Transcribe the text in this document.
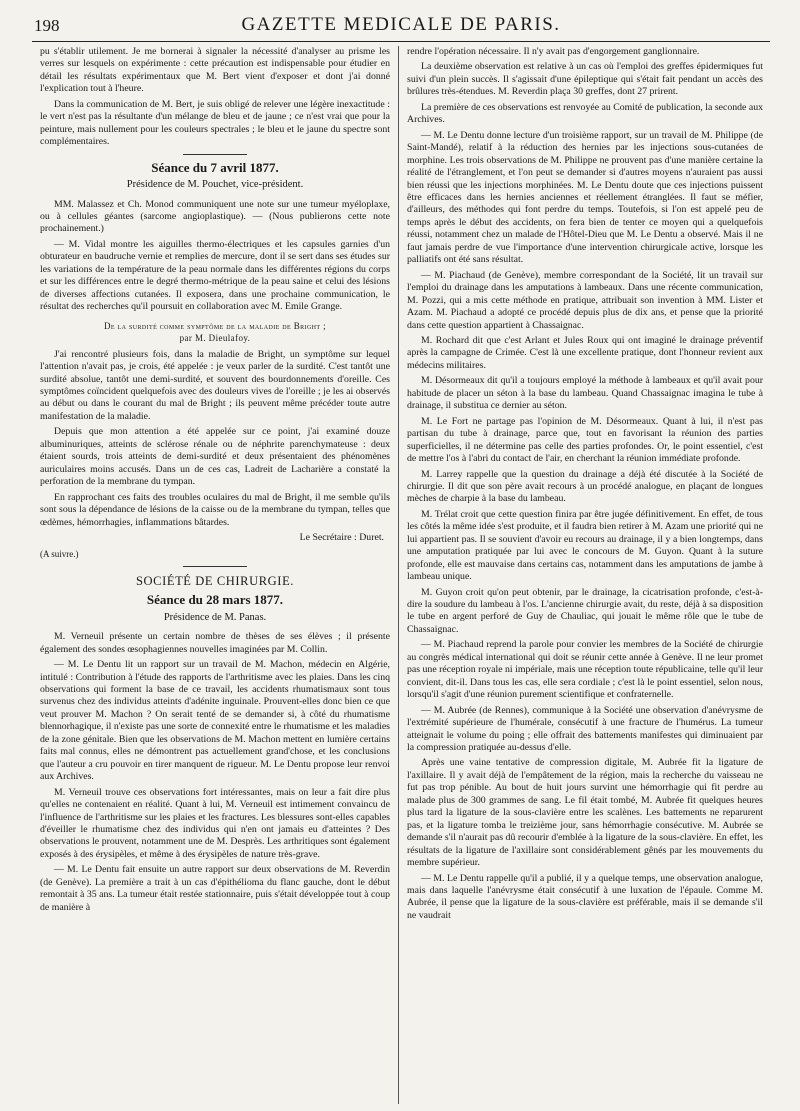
198	GAZETTE MEDICALE DE PARIS.

pu s'établir utilement. Je me bornerai à signaler la nécessité d'analyser au prisme les verres sur lesquels on expérimente : cette précaution est indispensable pour étudier en détail les résultats expérimentaux que M. Bert vient d'exposer et dont j'ai donné l'explication tout à l'heure.

Dans la communication de M. Bert, je suis obligé de relever une légère inexactitude : le vert n'est pas la résultante d'un mélange de bleu et de jaune ; ce n'est vrai que pour la peinture, mais nullement pour les couleurs spectrales ; le bleu et le jaune du spectre sont complémentaires.

Séance du 7 avril 1877.
Présidence de M. Pouchet, vice-président.

MM. Malassez et Ch. Monod communiquent une note sur une tumeur myéloplaxe, ou à cellules géantes (sarcome angioplastique). — (Nous publierons cette note prochainement.)

— M. Vidal montre les aiguilles thermo-électriques et les capsules garnies d'un obturateur en baudruche vernie et remplies de mercure, dont il se sert dans ses études sur les variations de la température de la peau normale dans les différentes régions du corps et sur les différences entre le degré thermo-métrique de la peau saine et celui des lésions de diverses affections cutanées. Il exposera, dans une prochaine communication, le résultat des recherches qu'il poursuit en collaboration avec M. Emile Grange.

De la surdité comme symptôme de la maladie de Bright ;
par M. Dieulafoy.

J'ai rencontré plusieurs fois, dans la maladie de Bright, un symptôme sur lequel l'attention n'avait pas, je crois, été appelée : je veux parler de la surdité. C'est tantôt une surdité absolue, tantôt une demi-surdité, et souvent des bourdonnements d'oreille. Ces symptômes coïncident quelquefois avec des douleurs vives de l'oreille ; je les ai observés au début ou dans le courant du mal de Bright ; ils peuvent même précéder toute autre manifestation de la maladie.

Depuis que mon attention a été appelée sur ce point, j'ai examiné douze albuminuriques, atteints de sclérose rénale ou de néphrite parenchymateuse : deux étaient sourds, trois atteints de demi-surdité et deux présentaient des phénomènes auriculaires moins accusés. Dans un de ces cas, Ladreit de Lacharière a constaté la perforation de la membrane du tympan.

En rapprochant ces faits des troubles oculaires du mal de Bright, il me semble qu'ils sont sous la dépendance de lésions de la caisse ou de la membrane du tympan, telles que œdèmes, hémorrhagies, inflammations bâtardes.

Le Secrétaire : Duret.
(A suivre.)
SOCIÉTÉ DE CHIRURGIE.
Séance du 28 mars 1877.
Présidence de M. Panas.

M. Verneuil présente un certain nombre de thèses de ses élèves ; il présente également des sondes œsophagiennes nouvelles imaginées par M. Collin.

— M. Le Dentu lit un rapport sur un travail de M. Machon, médecin en Algérie, intitulé : Contribution à l'étude des rapports de l'arthritisme avec les plaies. Dans les cinq observations qui forment la base de ce travail, les accidents rhumatismaux sont tous survenus chez des individus atteints d'adénite inguinale. Prouvent-elles donc bien ce que veut prouver M. Machon ? On serait tenté de se demander si, à côté du rhumatisme blennorhagique, il n'existe pas une sorte de connexité entre le rhumatisme et les maladies de la zone génitale. Bien que les observations de M. Machon mettent en lumière certains faits mal connus, elles ne démontrent pas actuellement grand'chose, et les conclusions que l'auteur a cru pouvoir en tirer manquent de rigueur. M. Le Dentu propose leur renvoi aux Archives.

M. Verneuil trouve ces observations fort intéressantes, mais on leur a fait dire plus qu'elles ne contenaient en réalité. Quant à lui, M. Verneuil est intimement convaincu de l'influence de l'arthritisme sur les plaies et les fractures. Les blessures sont-elles capables d'éveiller le rhumatisme chez des individus qui n'en ont jamais eu d'atteintes ? Des observations le prouvent, notamment une de M. Desprès. Les arthritiques sont également exposés à des érysipèles, et même à des érysipèles de nature très-grave.

— M. Le Dentu fait ensuite un autre rapport sur deux observations de M. Reverdin (de Genève). La première a trait à un cas d'épithélioma du flanc gauche, dont le début remontait à 35 ans. La tumeur était restée stationnaire, puis s'était développée tout à coup de manière à

rendre l'opération nécessaire. Il n'y avait pas d'engorgement ganglionnaire.

La deuxième observation est relative à un cas où l'emploi des greffes épidermiques fut suivi d'un plein succès. Il s'agissait d'une épileptique qui s'était fait pendant un accès des brûlures très-étendues. M. Reverdin plaça 30 greffes, dont 27 prirent.

La première de ces observations est renvoyée au Comité de publication, la seconde aux Archives.

— M. Le Dentu donne lecture d'un troisième rapport, sur un travail de M. Philippe (de Saint-Mandé), relatif à la réduction des hernies par les injections sous-cutanées de morphine. Les trois observations de M. Philippe ne prouvent pas d'une manière certaine la réalité de l'étranglement, et l'on peut se demander si d'autres moyens n'auraient pas aussi bien réussi que les injections morphinées. M. Le Dentu doute que ces injections puissent être efficaces dans les hernies anciennes et réellement étranglées. Il faut se méfier, d'ailleurs, des méthodes qui font perdre du temps. Toutefois, si l'on est appelé peu de temps après le début des accidents, on fera bien de tenter ce moyen qui a quelquefois réussi, notamment chez un malade de l'Hôtel-Dieu que M. Le Dentu a observé. Mais il ne faut jamais perdre de vue l'importance d'une intervention chirurgicale active, lorsque les palliatifs ont été sans résultat.

— M. Piachaud (de Genève), membre correspondant de la Société, lit un travail sur l'emploi du drainage dans les amputations à lambeaux. Dans une récente communication, M. Pozzi, qui a mis cette méthode en pratique, attribuait son invention à MM. Lister et Azam. M. Piachaud a adopté ce procédé depuis plus de dix ans, et pense que la priorité dans cette question appartient à Chassaignac.

M. Rochard dit que c'est Arlant et Jules Roux qui ont imaginé le drainage préventif après la campagne de Crimée. C'est là une excellente pratique, dont l'honneur revient aux médecins militaires.

M. Désormeaux dit qu'il a toujours employé la méthode à lambeaux et qu'il avait pour habitude de placer un séton à la base du lambeau. Quand Chassaignac imagina le tube à drainage, il substitua ce dernier au séton.

M. Le Fort ne partage pas l'opinion de M. Désormeaux. Quant à lui, il n'est pas partisan du tube à drainage, parce que, tout en favorisant la réunion des parties superficielles, il ne détermine pas celle des parties profondes. Or, le point essentiel, c'est de mettre l'os à l'abri du contact de l'air, en cherchant la réunion immédiate profonde.

M. Larrey rappelle que la question du drainage a déjà été discutée à la Société de chirurgie. Il dit que son père avait recours à un procédé analogue, en plaçant de longues mèches de charpie à la base du lambeau.

M. Trélat croit que cette question finira par être jugée définitivement. En effet, de tous les côtés la même idée s'est produite, et il faudra bien retirer à M. Azam une priorité qui ne lui appartient pas. Il se souvient d'avoir eu recours au drainage, il y a bien longtemps, dans une amputation pratiquée par lui avec le concours de M. Guyon. Quant à la suture profonde, elle est mauvaise dans certains cas, notamment dans les amputations de jambe à lambeau unique.

M. Guyon croit qu'on peut obtenir, par le drainage, la cicatrisation profonde, c'est-à-dire la soudure du lambeau à l'os. L'ancienne chirurgie avait, du reste, déjà à sa disposition le tube en argent perforé de Guy de Chauliac, qui jouait le même rôle que le tube de Chassaignac.

— M. Piachaud reprend la parole pour convier les membres de la Société de chirurgie au congrès médical international qui doit se réunir cette année à Genève. Il ne leur promet pas une réception royale ni impériale, mais une réception toute républicaine, telle qu'il leur convient, dit-il. Dans tous les cas, elle sera cordiale ; c'est là le point essentiel, selon nous, lorsqu'il s'agit d'une réunion purement scientifique et confraternelle.

— M. Aubrée (de Rennes), communique à la Société une observation d'anévrysme de l'extrémité supérieure de l'humérale, consécutif à une fracture de l'humérus. La tumeur atteignait le volume du poing ; elle offrait des battements manifestes qui diminuaient par la compression pratiquée au-dessus d'elle.

Après une vaine tentative de compression digitale, M. Aubrée fit la ligature de l'axillaire. Il y avait déjà de l'empâtement de la région, mais la recherche du vaisseau ne fut pas trop pénible. Au bout de huit jours survint une hémorrhagie qui fit perdre au malade plus de 300 grammes de sang. Le fil était tombé, M. Aubrée fit quelques heures plus tard la ligature de la sous-clavière entre les scalènes. Les battements ne reparurent pas, et la ligature tomba le treizième jour, sans hémorrhagie consécutive. M. Aubrée se demande s'il n'aurait pas dû recourir d'emblée à la ligature de la sous-clavière. En effet, les résultats de la ligature de l'axillaire sont considérablement gênés par les mouvements du membre supérieur.

— M. Le Dentu rappelle qu'il a publié, il y a quelque temps, une observation analogue, mais dans laquelle l'anévrysme était consécutif à une luxation de l'épaule. Comme M. Aubrée, il pense que la ligature de la sous-clavière est préférable, mais il se demande s'il ne vaudrait
